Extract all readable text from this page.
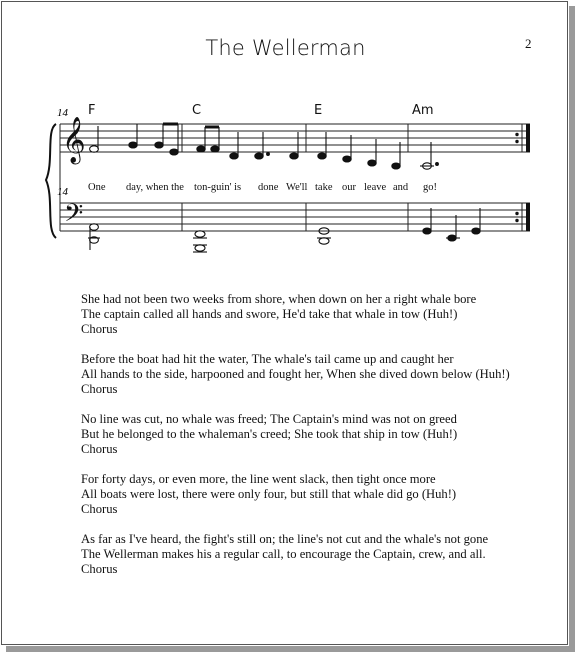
The Wellerman	2
F	C	E	Am
14
14
𝄞
𝄢
One day, when the ton-guin' is done We'll take our leave and go!
She had not been two weeks from shore, when down on her a right whale bore
The captain called all hands and swore, He'd take that whale in tow (Huh!)
Chorus
Before the boat had hit the water, The whale's tail came up and caught her
All hands to the side, harpooned and fought her, When she dived down below (Huh!)
Chorus
No line was cut, no whale was freed; The Captain's mind was not on greed
But he belonged to the whaleman's creed; She took that ship in tow (Huh!)
Chorus
For forty days, or even more, the line went slack, then tight once more
All boats were lost, there were only four, but still that whale did go (Huh!)
Chorus
As far as I've heard, the fight's still on; the line's not cut and the whale's not gone
The Wellerman makes his a regular call, to encourage the Captain, crew, and all.
Chorus
